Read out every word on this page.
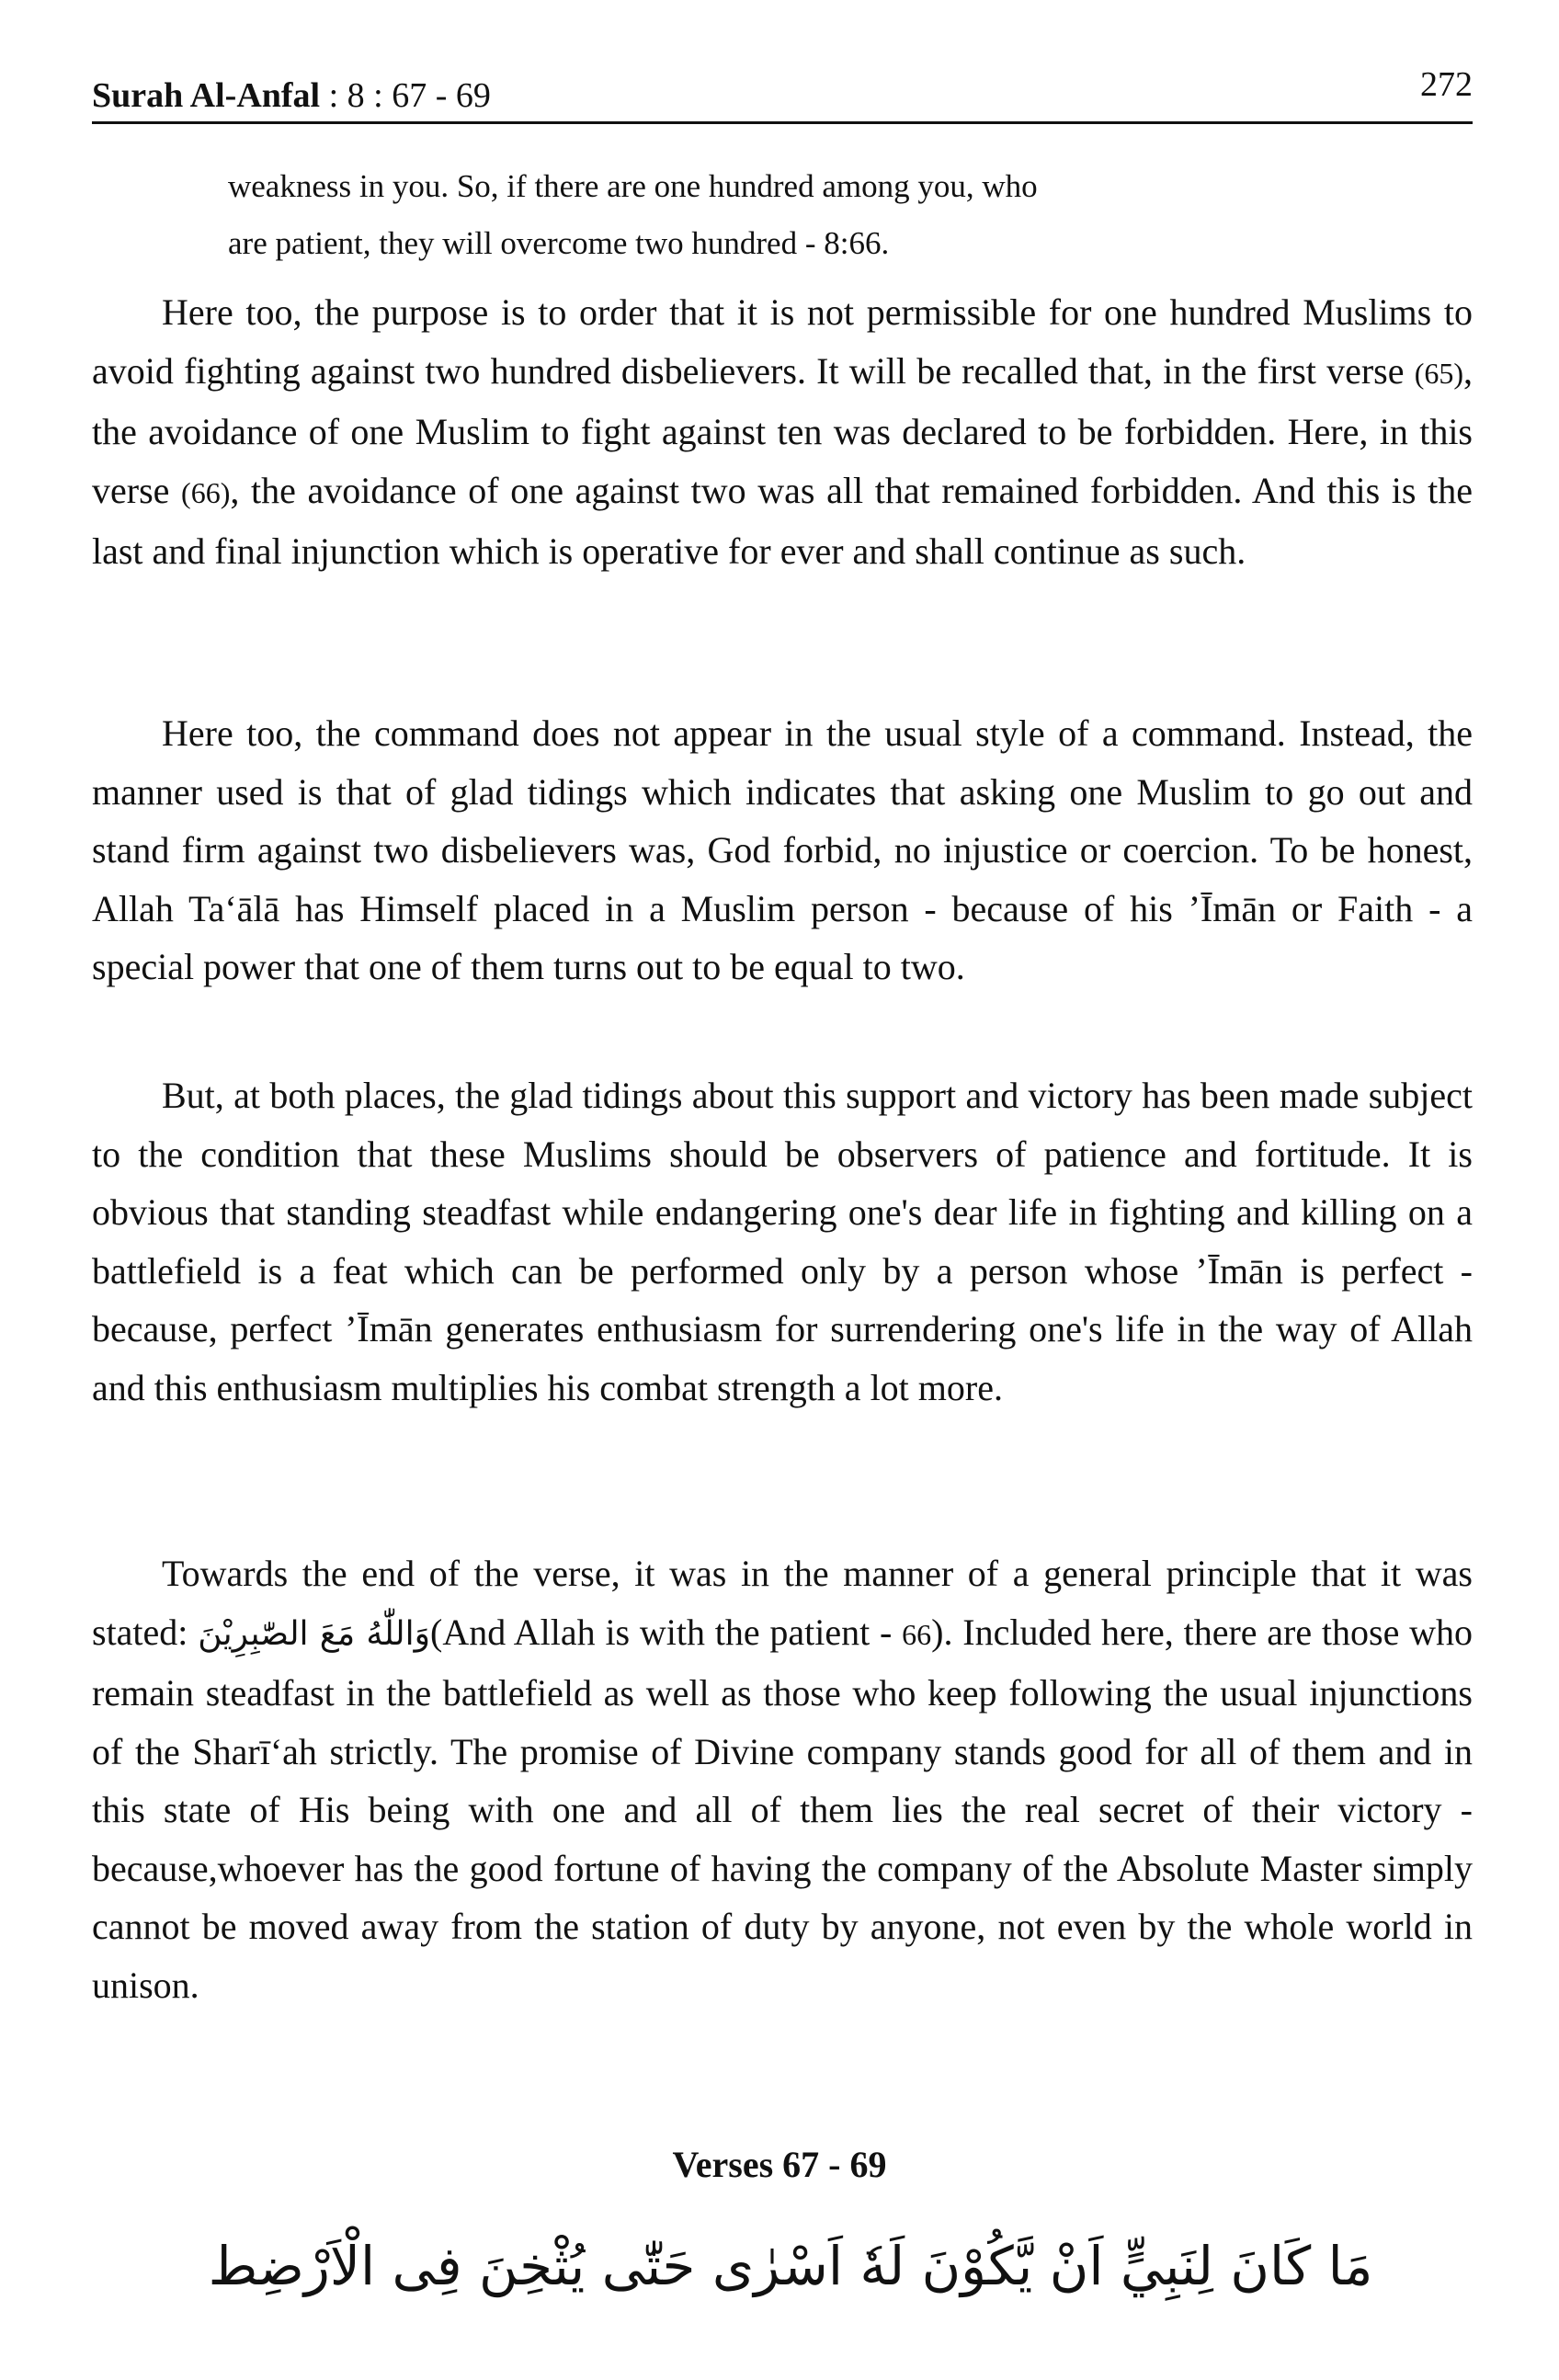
Surah Al-Anfal : 8 : 67 - 69	272
weakness in you. So, if there are one hundred among you, who
are patient, they will overcome two hundred - 8:66.

Here too, the purpose is to order that it is not permissible for one hundred Muslims to avoid fighting against two hundred disbelievers. It will be recalled that, in the first verse (65), the avoidance of one Muslim to fight against ten was declared to be forbidden. Here, in this verse (66), the avoidance of one against two was all that remained forbidden. And this is the last and final injunction which is operative for ever and shall continue as such.

Here too, the command does not appear in the usual style of a command. Instead, the manner used is that of glad tidings which indicates that asking one Muslim to go out and stand firm against two disbelievers was, God forbid, no injustice or coercion. To be honest, Allah Ta‘ālā has Himself placed in a Muslim person - because of his ’Īmān or Faith - a special power that one of them turns out to be equal to two.

But, at both places, the glad tidings about this support and victory has been made subject to the condition that these Muslims should be observers of patience and fortitude. It is obvious that standing steadfast while endangering one's dear life in fighting and killing on a battlefield is a feat which can be performed only by a person whose ’Īmān is perfect - because, perfect ’Īmān generates enthusiasm for surrendering one's life in the way of Allah and this enthusiasm multiplies his combat strength a lot more.

Towards the end of the verse, it was in the manner of a general principle that it was stated: وَاللّٰهُ مَعَ الصّٰبِرِيْنَ(And Allah is with the patient - 66). Included here, there are those who remain steadfast in the battlefield as well as those who keep following the usual injunctions of the Sharī‘ah strictly. The promise of Divine company stands good for all of them and in this state of His being with one and all of them lies the real secret of their victory - because,whoever has the good fortune of having the company of the Absolute Master simply cannot be moved away from the station of duty by anyone, not even by the whole world in unison.

Verses 67 - 69
مَا كَانَ لِنَبِيٍّ اَنْ يَّكُوْنَ لَهٗ اَسْرٰى حَتّٰى يُثْخِنَ فِى الْاَرْضِط
